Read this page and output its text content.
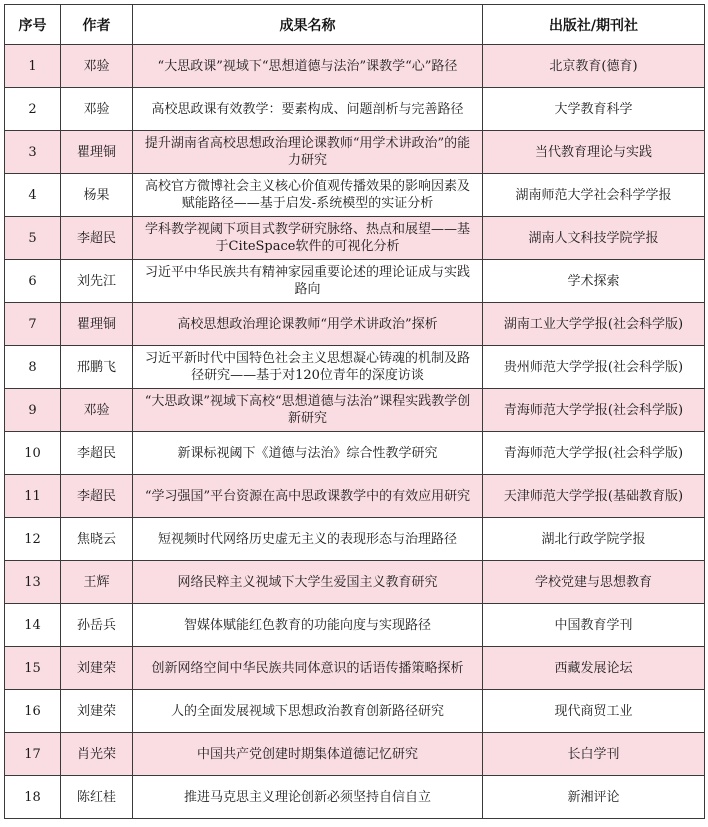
序号	作者	成果名称	出版社/期刊社
1	邓验	“大思政课”视域下“思想道德与法治”课教学“心”路径	北京教育(德育)
2	邓验	高校思政课有效教学：要素构成、问题剖析与完善路径	大学教育科学
3	瞿理铜	提升湖南省高校思想政治理论课教师“用学术讲政治”的能力研究	当代教育理论与实践
4	杨果	高校官方微博社会主义核心价值观传播效果的影响因素及赋能路径——基于启发-系统模型的实证分析	湖南师范大学社会科学学报
5	李超民	学科教学视阈下项目式教学研究脉络、热点和展望——基于CiteSpace软件的可视化分析	湖南人文科技学院学报
6	刘先江	习近平中华民族共有精神家园重要论述的理论证成与实践路向	学术探索
7	瞿理铜	高校思想政治理论课教师“用学术讲政治”探析	湖南工业大学学报(社会科学版)
8	邢鹏飞	习近平新时代中国特色社会主义思想凝心铸魂的机制及路径研究——基于对120位青年的深度访谈	贵州师范大学学报(社会科学版)
9	邓验	“大思政课”视域下高校“思想道德与法治”课程实践教学创新研究	青海师范大学学报(社会科学版)
10	李超民	新课标视阈下《道德与法治》综合性教学研究	青海师范大学学报(社会科学版)
11	李超民	“学习强国”平台资源在高中思政课教学中的有效应用研究	天津师范大学学报(基础教育版)
12	焦晓云	短视频时代网络历史虚无主义的表现形态与治理路径	湖北行政学院学报
13	王辉	网络民粹主义视域下大学生爱国主义教育研究	学校党建与思想教育
14	孙岳兵	智媒体赋能红色教育的功能向度与实现路径	中国教育学刊
15	刘建荣	创新网络空间中华民族共同体意识的话语传播策略探析	西藏发展论坛
16	刘建荣	人的全面发展视域下思想政治教育创新路径研究	现代商贸工业
17	肖光荣	中国共产党创建时期集体道德记忆研究	长白学刊
18	陈红桂	推进马克思主义理论创新必须坚持自信自立	新湘评论
